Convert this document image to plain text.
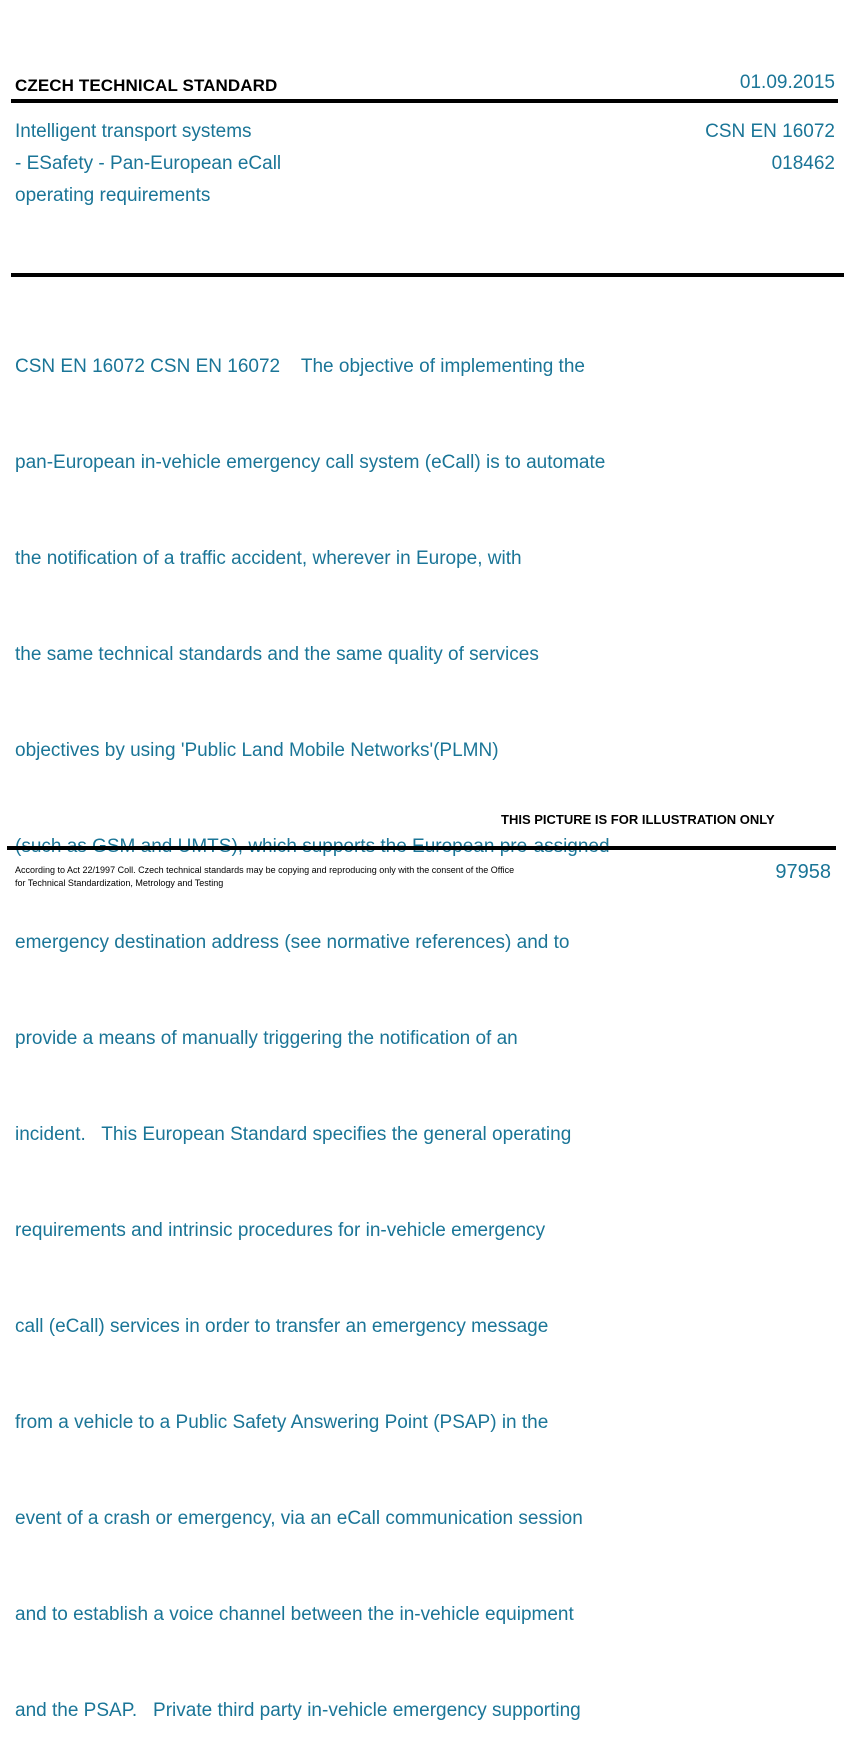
CZECH TECHNICAL STANDARD	01.09.2015
Intelligent transport systems
- ESafety - Pan-European eCall
operating requirements
CSN EN 16072
018462

CSN EN 16072 CSN EN 16072    The objective of implementing the

pan-European in-vehicle emergency call system (eCall) is to automate

the notification of a traffic accident, wherever in Europe, with

the same technical standards and the same quality of services

objectives by using 'Public Land Mobile Networks'(PLMN)

emergency destination address (see normative references) and to

provide a means of manually triggering the notification of an

incident.   This European Standard specifies the general operating

requirements and intrinsic procedures for in-vehicle emergency

call (eCall) services in order to transfer an emergency message

from a vehicle to a Public Safety Answering Point (PSAP) in the

event of a crash or emergency, via an eCall communication session

and to establish a voice channel between the in-vehicle equipment

and the PSAP.   Private third party in-vehicle emergency supporting

THIS PICTURE IS FOR ILLUSTRATION ONLY
According to Act 22/1997 Coll. Czech technical standards may be copying and reproducing only with the consent of the Office
for Technical Standardization, Metrology and Testing	97958
